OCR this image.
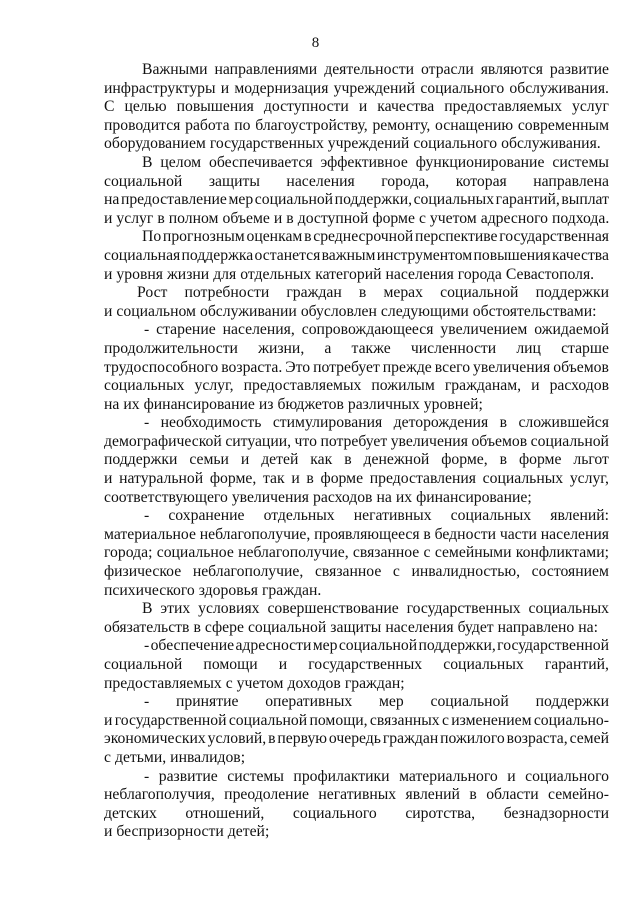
8
Важными направлениями деятельности отрасли являются развитие
инфраструктуры и модернизация учреждений социального обслуживания.
С целью повышения доступности и качества предоставляемых услуг
проводится работа по благоустройству, ремонту, оснащению современным
оборудованием государственных учреждений социального обслуживания.
В целом обеспечивается эффективное функционирование системы
социальной защиты населения города, которая направлена
на предоставление мер социальной поддержки, социальных гарантий, выплат
и услуг в полном объеме и в доступной форме с учетом адресного подхода.
По прогнозным оценкам в среднесрочной перспективе государственная
социальная поддержка останется важным инструментом повышения качества
и уровня жизни для отдельных категорий населения города Севастополя.
Рост потребности граждан в мерах социальной поддержки
и социальном обслуживании обусловлен следующими обстоятельствами:
- старение населения, сопровождающееся увеличением ожидаемой
продолжительности жизни, а также численности лиц старше
трудоспособного возраста. Это потребует прежде всего увеличения объемов
социальных услуг, предоставляемых пожилым гражданам, и расходов
на их финансирование из бюджетов различных уровней;
- необходимость стимулирования деторождения в сложившейся
демографической ситуации, что потребует увеличения объемов социальной
поддержки семьи и детей как в денежной форме, в форме льгот
и натуральной форме, так и в форме предоставления социальных услуг,
соответствующего увеличения расходов на их финансирование;
- сохранение отдельных негативных социальных явлений:
материальное неблагополучие, проявляющееся в бедности части населения
города; социальное неблагополучие, связанное с семейными конфликтами;
физическое неблагополучие, связанное с инвалидностью, состоянием
психического здоровья граждан.
В этих условиях совершенствование государственных социальных
обязательств в сфере социальной защиты населения будет направлено на:
- обеспечение адресности мер социальной поддержки, государственной
социальной помощи и государственных социальных гарантий,
предоставляемых с учетом доходов граждан;
- принятие оперативных мер социальной поддержки
и государственной социальной помощи, связанных с изменением социально-
экономических условий, в первую очередь граждан пожилого возраста, семей
с детьми, инвалидов;
- развитие системы профилактики материального и социального
неблагополучия, преодоление негативных явлений в области семейно-
детских отношений, социального сиротства, безнадзорности
и беспризорности детей;
